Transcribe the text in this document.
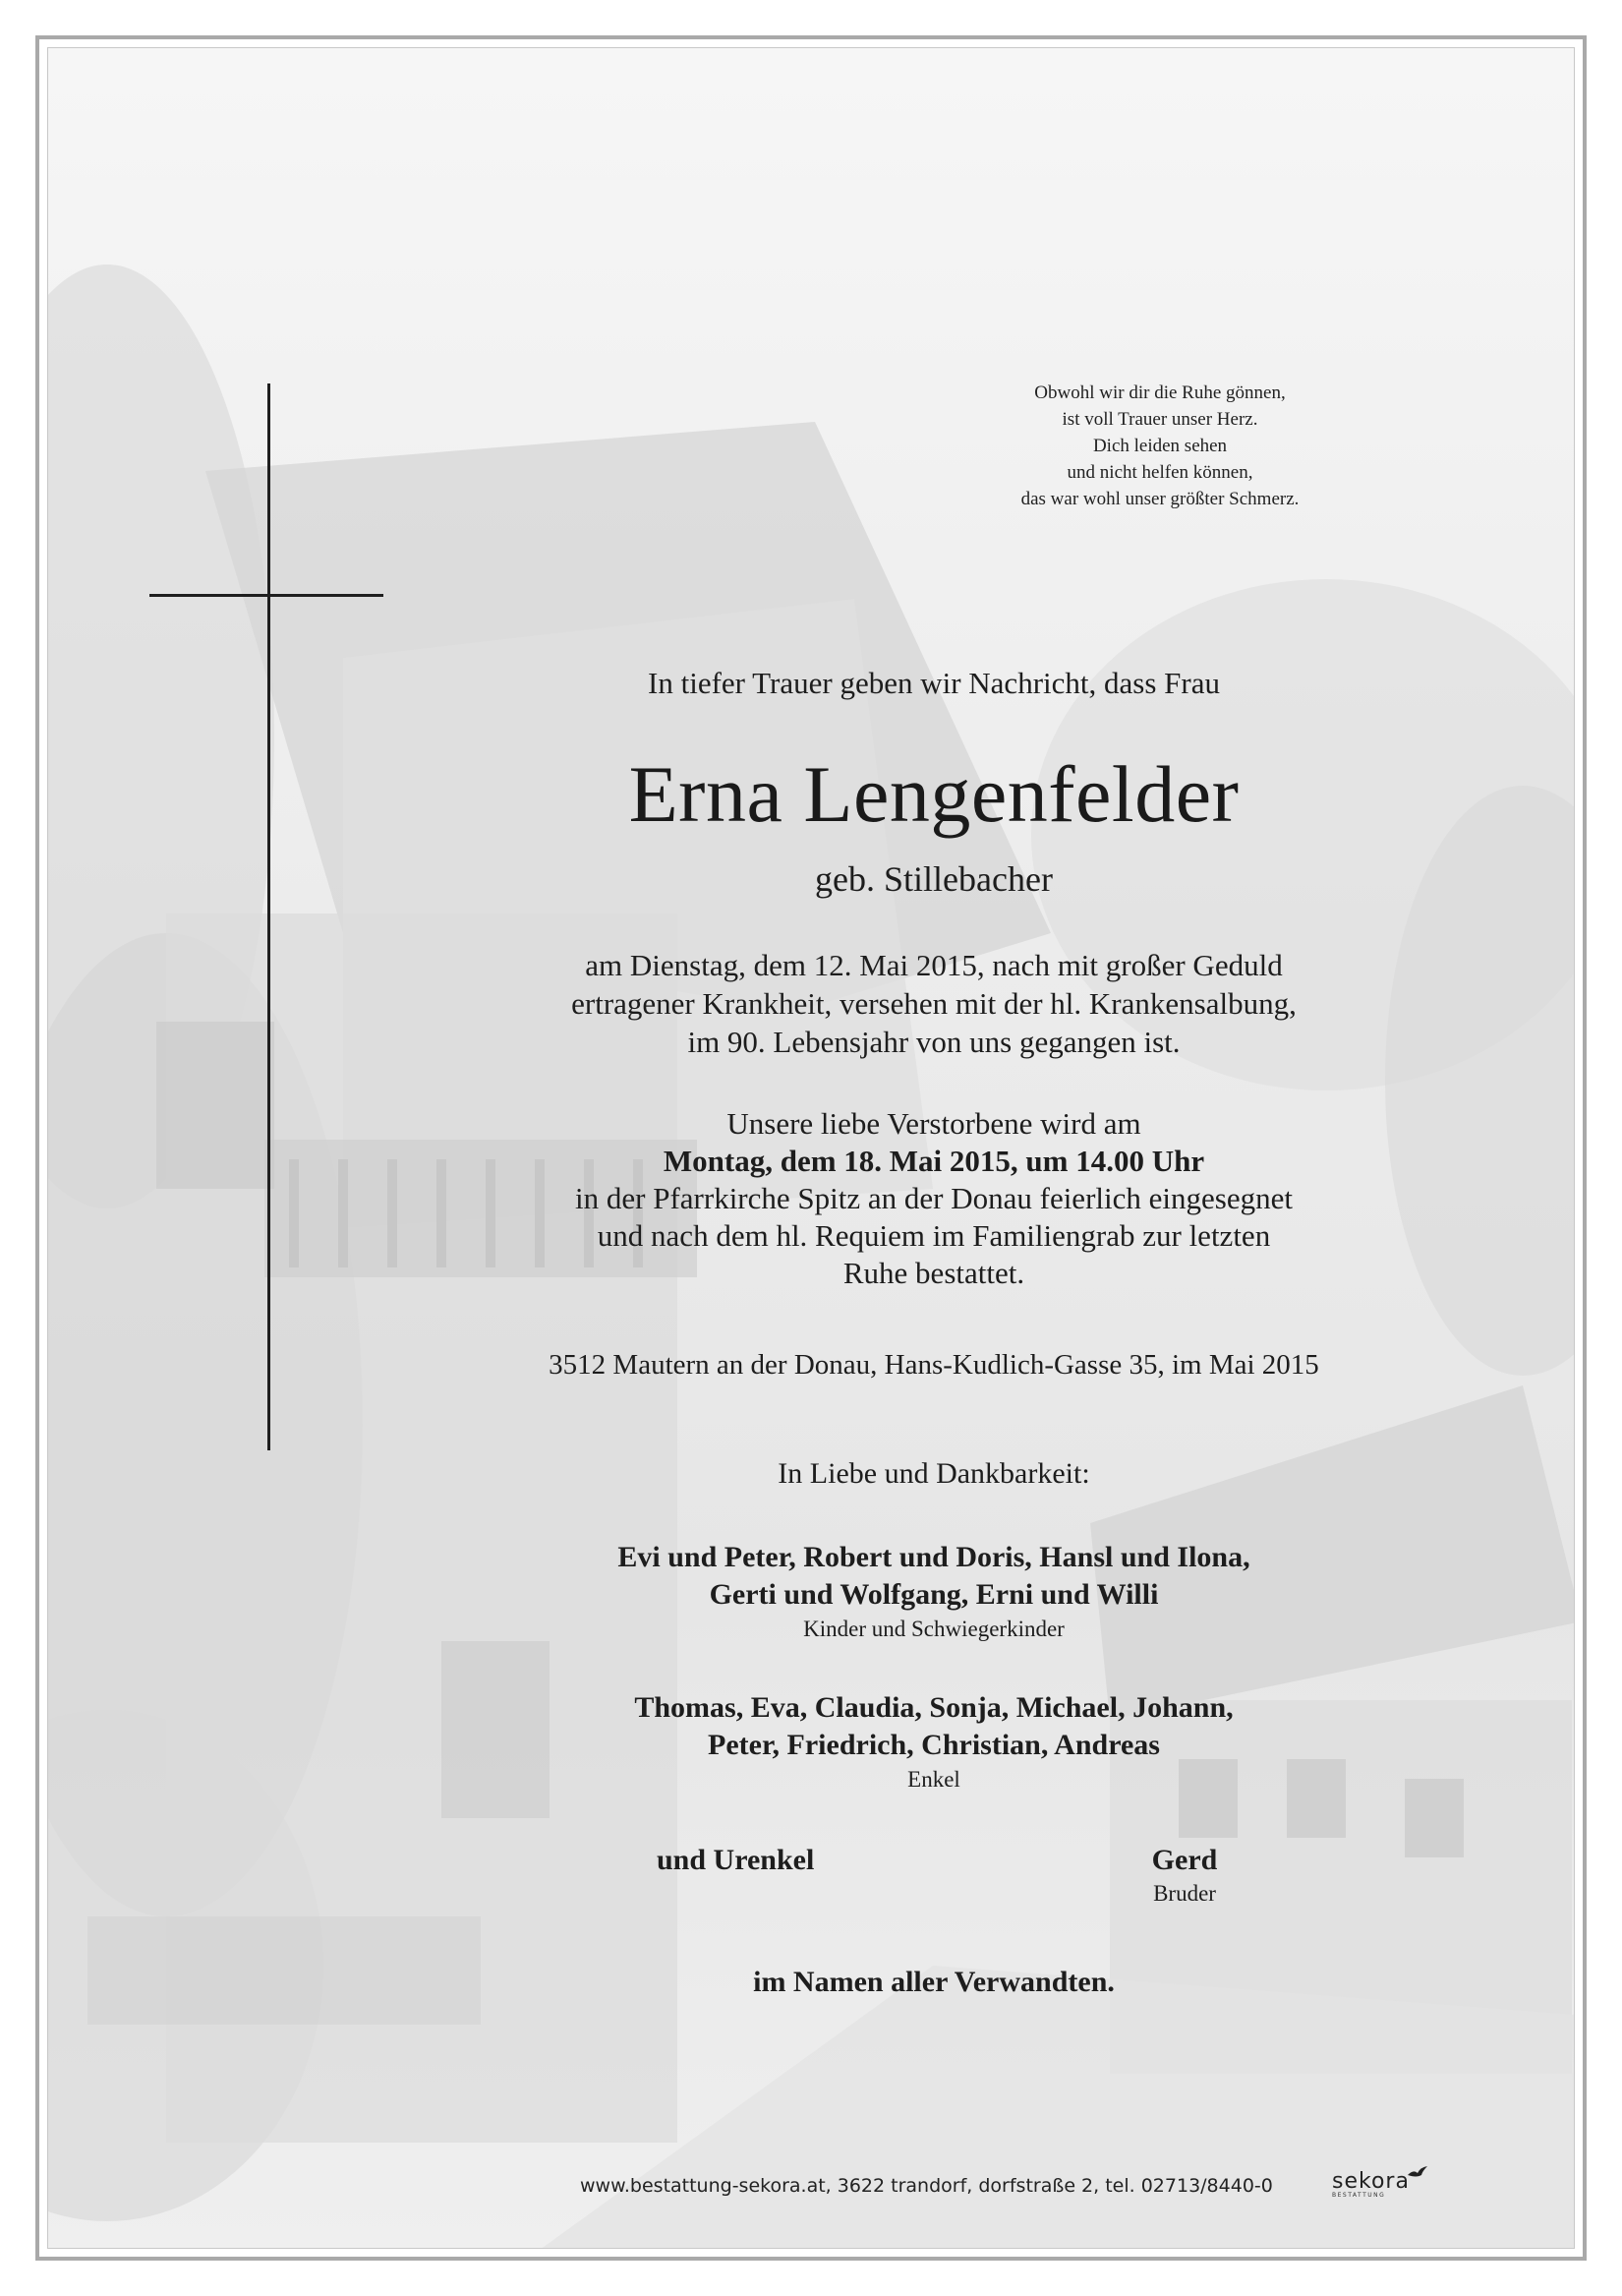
Obwohl wir dir die Ruhe gönnen,
ist voll Trauer unser Herz.
Dich leiden sehen
und nicht helfen können,
das war wohl unser größter Schmerz.
In tiefer Trauer geben wir Nachricht, dass Frau
Erna Lengenfelder
geb. Stillebacher
am Dienstag, dem 12. Mai 2015, nach mit großer Geduld
ertragener Krankheit, versehen mit der hl. Krankensalbung,
im 90. Lebensjahr von uns gegangen ist.
Unsere liebe Verstorbene wird am
Montag, dem 18. Mai 2015, um 14.00 Uhr
in der Pfarrkirche Spitz an der Donau feierlich eingesegnet
und nach dem hl. Requiem im Familiengrab zur letzten
Ruhe bestattet.
3512 Mautern an der Donau, Hans-Kudlich-Gasse 35, im Mai 2015
In Liebe und Dankbarkeit:
Evi und Peter, Robert und Doris, Hansl und Ilona,
Gerti und Wolfgang, Erni und Willi
Kinder und Schwiegerkinder
Thomas, Eva, Claudia, Sonja, Michael, Johann,
Peter, Friedrich, Christian, Andreas
Enkel
und Urenkel	Gerd
Bruder
im Namen aller Verwandten.
www.bestattung-sekora.at, 3622 trandorf, dorfstraße 2, tel. 02713/8440-0	sekora
BESTATTUNG
